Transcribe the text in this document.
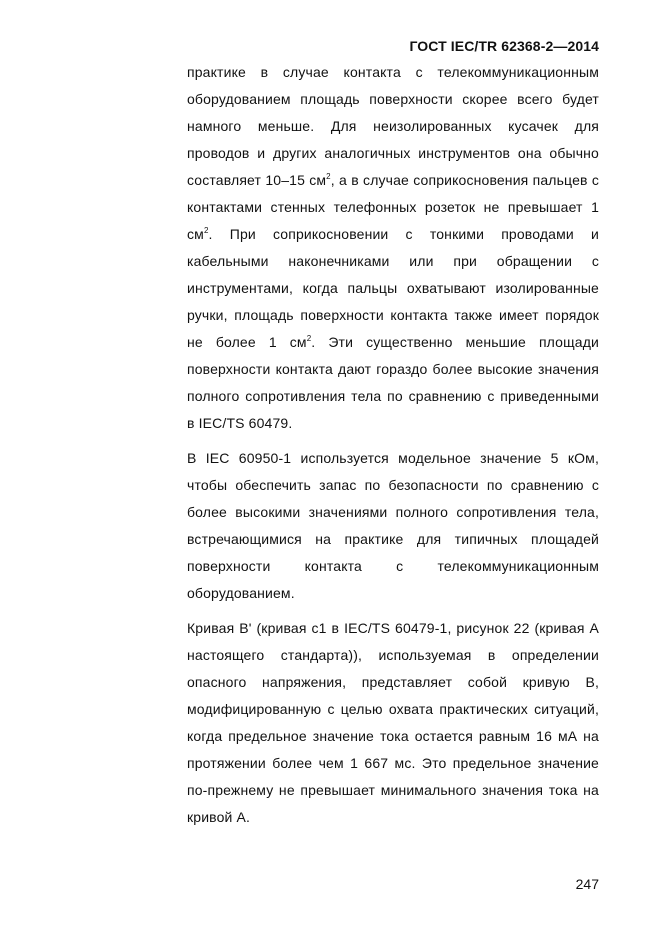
ГОСТ IEC/TR 62368-2—2014

практике в случае контакта с телекоммуникационным оборудованием площадь поверхности скорее всего будет намного меньше. Для неизолированных кусачек для проводов и других аналогичных инструментов она обычно составляет 10–15 $см^2$, а в случае соприкосновения пальцев с контактами стенных телефонных розеток не превышает 1 $см^2$. При соприкосновении с тонкими проводами и кабельными наконечниками или при обращении с инструментами, когда пальцы охватывают изолированные ручки, площадь поверхности контакта также имеет порядок не более 1 $см^2$. Эти существенно меньшие площади поверхности контакта дают гораздо более высокие значения полного сопротивления тела по сравнению с приведенными в IEC/TS 60479.

В IEC 60950-1 используется модельное значение 5 кОм, чтобы обеспечить запас по безопасности по сравнению с более высокими значениями полного сопротивления тела, встречающимися на практике для типичных площадей поверхности контакта с телекоммуникационным оборудованием.

Кривая В' (кривая с1 в IEC/TS 60479-1, рисунок 22 (кривая А настоящего стандарта)), используемая в определении опасного напряжения, представляет собой кривую В, модифицированную с целью охвата практических ситуаций, когда предельное значение тока остается равным 16 мА на протяжении более чем 1 667 мс. Это предельное значение по-прежнему не превышает минимального значения тока на кривой А.

247
